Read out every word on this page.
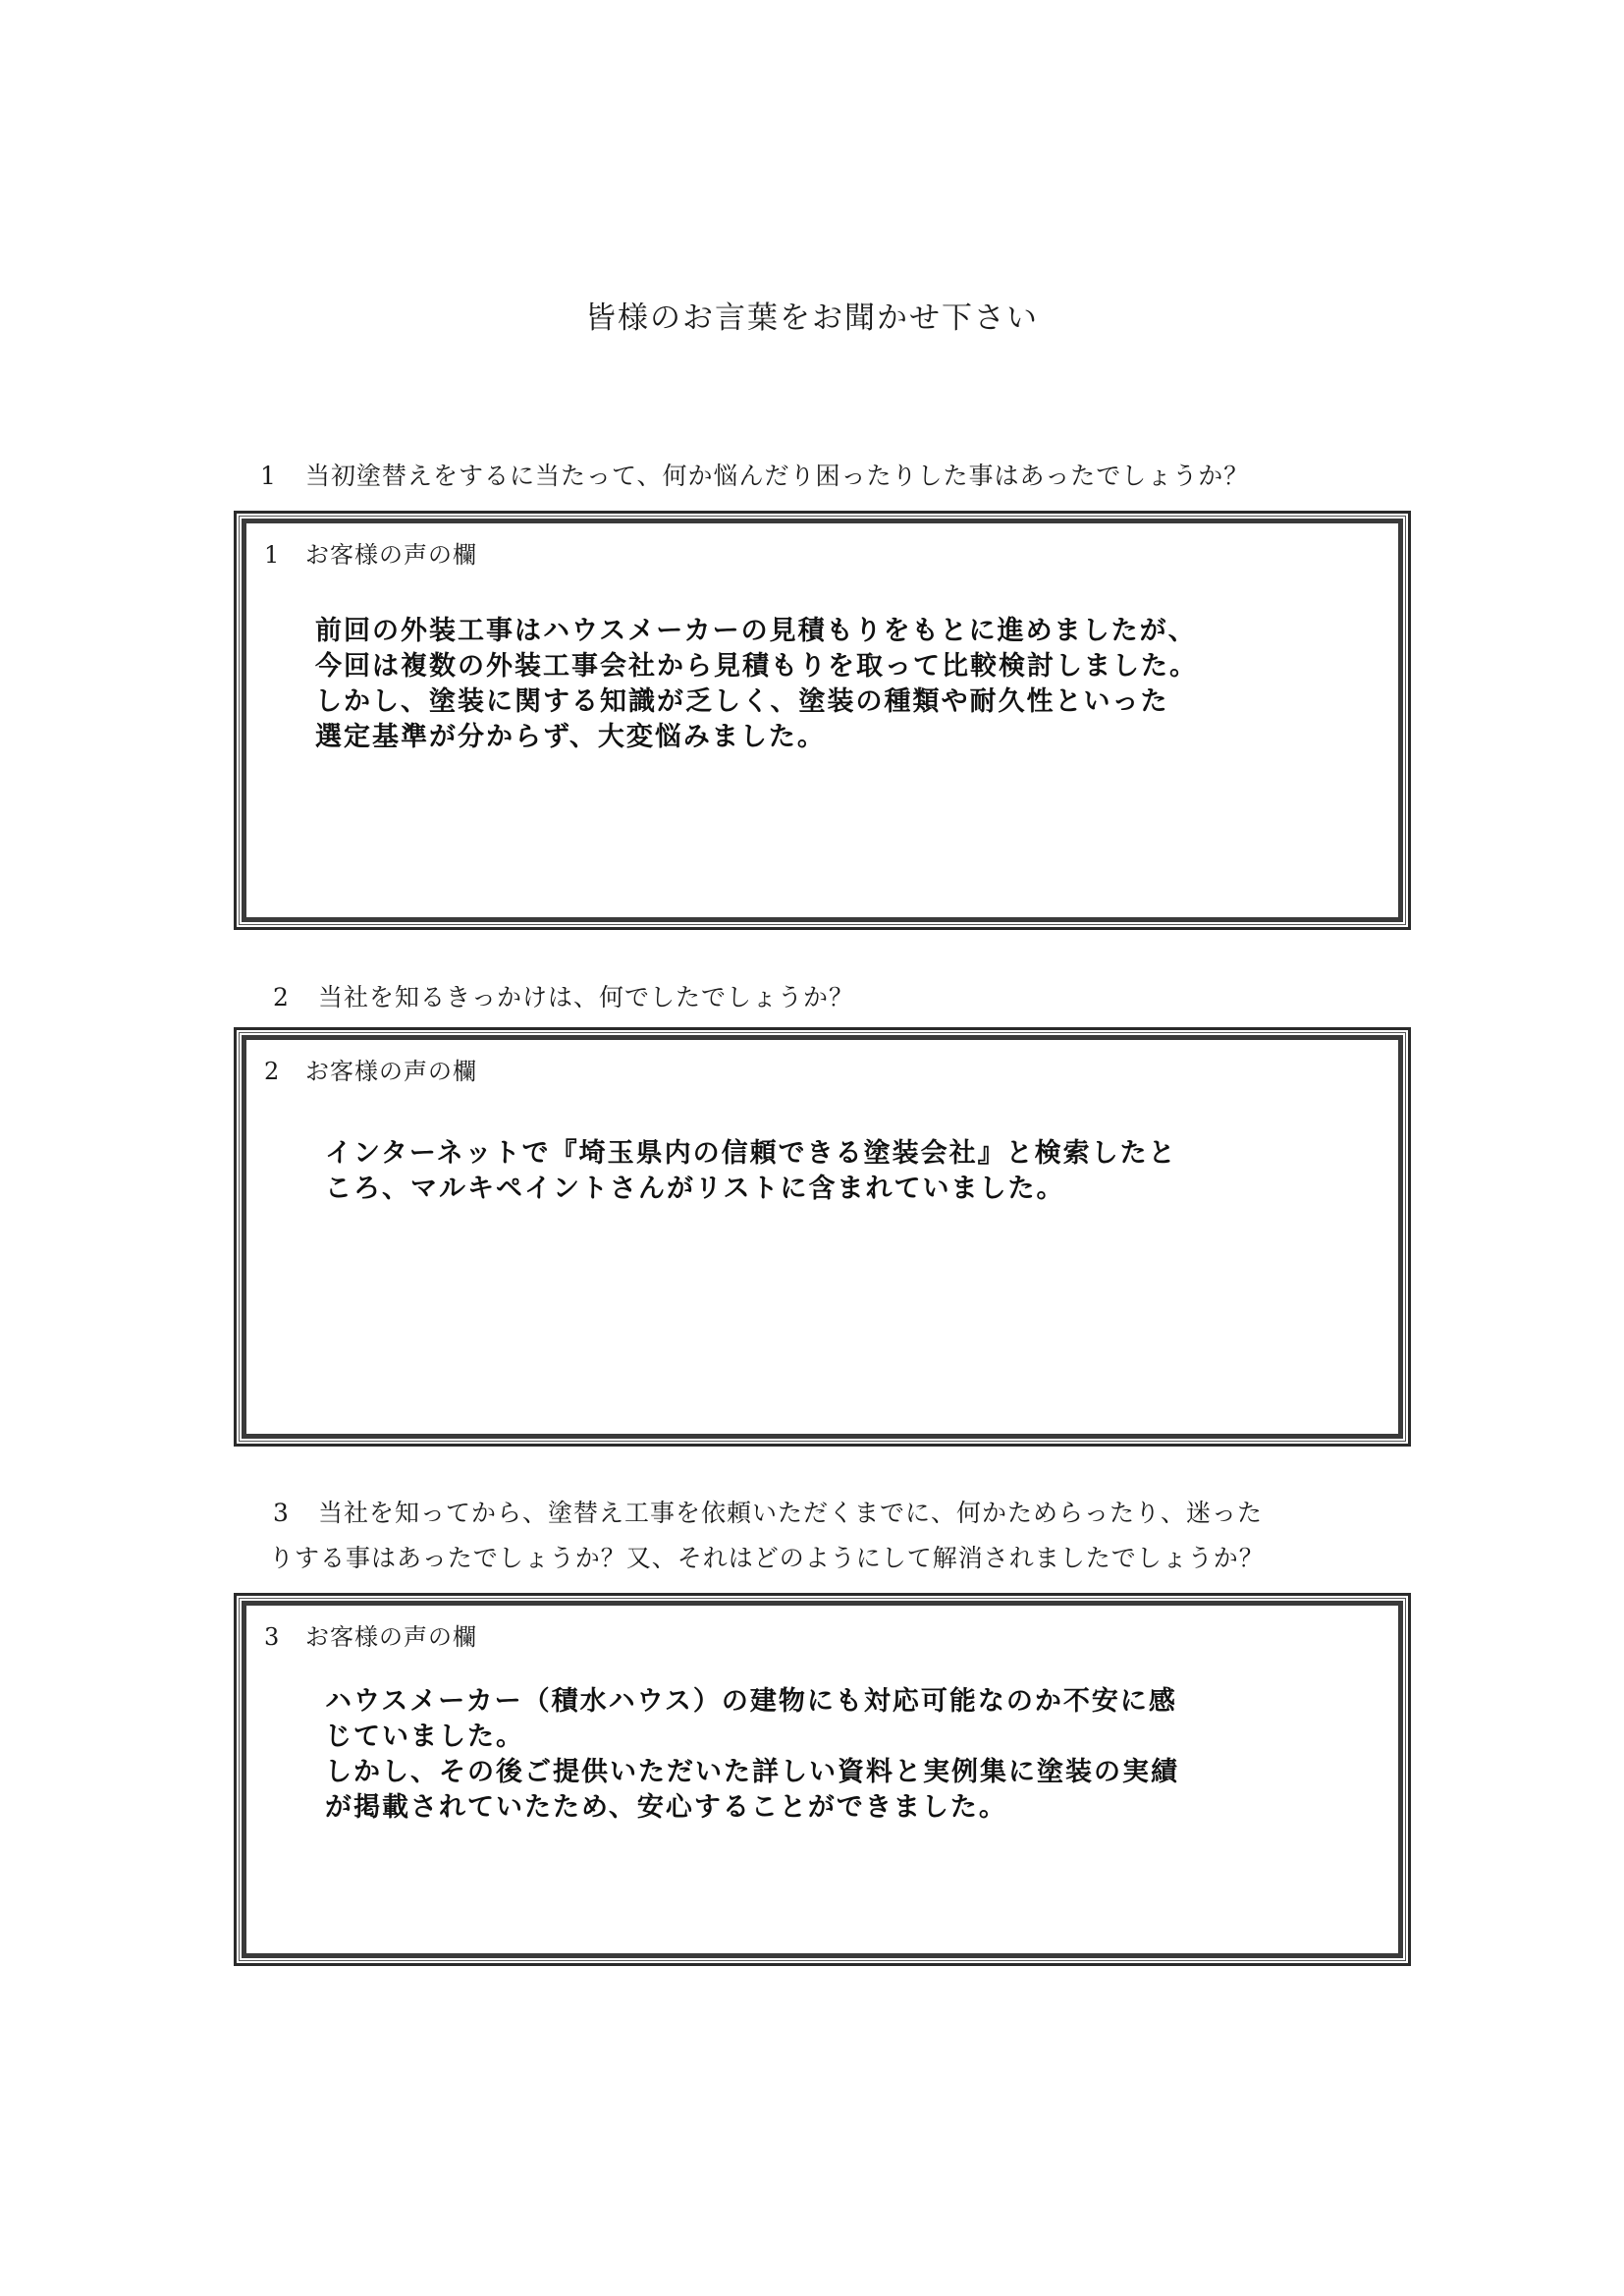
皆様のお言葉をお聞かせ下さい
1 当初塗替えをするに当たって、何か悩んだり困ったりした事はあったでしょうか？
1 お客様の声の欄
前回の外装工事はハウスメーカーの見積もりをもとに進めましたが、
今回は複数の外装工事会社から見積もりを取って比較検討しました。
しかし、塗装に関する知識が乏しく、塗装の種類や耐久性といった
選定基準が分からず、大変悩みました。
2 当社を知るきっかけは、何でしたでしょうか？
2 お客様の声の欄
インターネットで『埼玉県内の信頼できる塗装会社』と検索したと
ころ、マルキペイントさんがリストに含まれていました。
3 当社を知ってから、塗替え工事を依頼いただくまでに、何かためらったり、迷った
りする事はあったでしょうか？又、それはどのようにして解消されましたでしょうか？
3 お客様の声の欄
ハウスメーカー（積水ハウス）の建物にも対応可能なのか不安に感
じていました。
しかし、その後ご提供いただいた詳しい資料と実例集に塗装の実績
が掲載されていたため、安心することができました。
